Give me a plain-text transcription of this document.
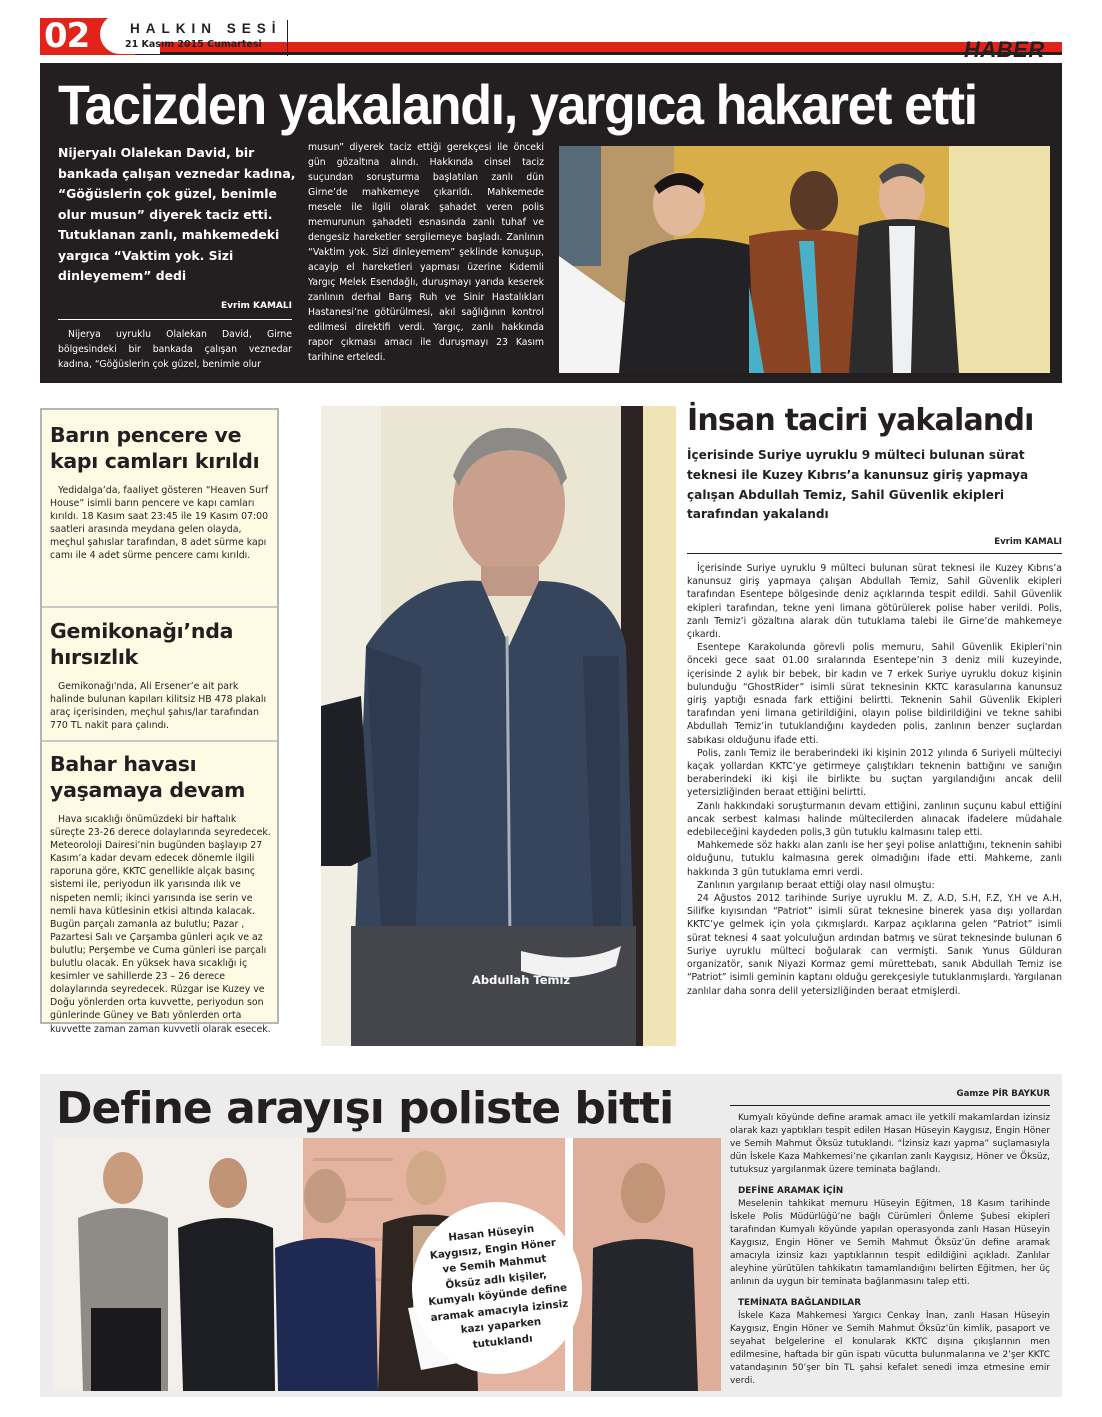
02	HALKIN SESİ
21 Kasım 2015 Cumartesi	HABER
Tacizden yakalandı, yargıca hakaret etti

Nijeryalı Olalekan David, bir bankada çalışan veznedar kadına, “Göğüslerin çok güzel, benimle olur musun” diyerek taciz etti. Tutuklanan zanlı, mahkemedeki yargıca “Vaktim yok. Sizi dinleyemem” dedi

Evrim KAMALI

Nijerya uyruklu Olalekan David, Girne bölgesindeki bir bankada çalışan veznedar kadına, “Göğüslerin çok güzel, benimle olur

musun” diyerek taciz ettiği gerekçesi ile önceki gün gözaltına alındı. Hakkında cinsel taciz suçundan soruşturma başlatılan zanlı dün Girne’de mahkemeye çıkarıldı. Mahkemede mesele ile ilgili olarak şahadet veren polis memurunun şahadeti esnasında zanlı tuhaf ve dengesiz hareketler sergilemeye başladı. Zanlının “Vaktim yok. Sizi dinleyemem” şeklinde konuşup, acayip el hareketleri yapması üzerine Kıdemli Yargıç Melek Esendağlı, duruşmayı yarıda keserek zanlının derhal Barış Ruh ve Sinir Hastalıkları Hastanesi’ne götürülmesi, akıl sağlığının kontrol edilmesi direktifi verdi. Yargıç, zanlı hakkında rapor çıkması amacı ile duruşmayı 23 Kasım tarihine erteledi.

Barın pencere ve kapı camları kırıldı

Yedidalga’da, faaliyet gösteren “Heaven Surf House” isimli barın pencere ve kapı camları kırıldı. 18 Kasım saat 23:45 ile 19 Kasım 07:00 saatleri arasında meydana gelen olayda, meçhul şahıslar tarafından, 8 adet sürme kapı camı ile 4 adet sürme pencere camı kırıldı.

Gemikonağı’nda hırsızlık

Gemikonağı'nda, Ali Ersener’e ait park halinde bulunan kapıları kilitsiz HB 478 plakalı araç içerisinden, meçhul şahıs/lar tarafından 770 TL nakit para çalındı.

Bahar havası yaşamaya devam

Hava sıcaklığı önümüzdeki bir haftalık süreçte 23-26 derece dolaylarında seyredecek. Meteoroloji Dairesi’nin bugünden başlayıp 27 Kasım’a kadar devam edecek dönemle ilgili raporuna göre, KKTC genellikle alçak basınç sistemi ile, periyodun ilk yarısında ılık ve nispeten nemli; ikinci yarısında ise serin ve nemli hava kütlesinin etkisi altında kalacak. Bugün parçalı zamanla az bulutlu; Pazar , Pazartesi Salı ve Çarşamba günleri açık ve az bulutlu; Perşembe ve Cuma günleri ise parçalı bulutlu olacak. En yüksek hava sıcaklığı iç kesimler ve sahillerde 23 – 26 derece dolaylarında seyredecek. Rüzgar ise Kuzey ve Doğu yönlerden orta kuvvette, periyodun son günlerinde Güney ve Batı yönlerden orta kuvvette zaman zaman kuvvetli olarak esecek.

Abdullah Temiz
İnsan taciri yakalandı

İçerisinde Suriye uyruklu 9 mülteci bulunan sürat teknesi ile Kuzey Kıbrıs’a kanunsuz giriş yapmaya çalışan Abdullah Temiz, Sahil Güvenlik ekipleri tarafından yakalandı

Evrim KAMALI

İçerisinde Suriye uyruklu 9 mülteci bulunan sürat teknesi ile Kuzey Kıbrıs’a kanunsuz giriş yapmaya çalışan Abdullah Temiz, Sahil Güvenlik ekipleri tarafından Esentepe bölgesinde deniz açıklarında tespit edildi. Sahil Güvenlik ekipleri tarafından, tekne yeni limana götürülerek polise haber verildi. Polis, zanlı Temiz’i gözaltına alarak dün tutuklama talebi ile Girne’de mahkemeye çıkardı.

Esentepe Karakolunda görevli polis memuru, Sahil Güvenlik Ekipleri’nin önceki gece saat 01.00 sıralarında Esentepe’nin 3 deniz mili kuzeyinde, içerisinde 2 aylık bir bebek, bir kadın ve 7 erkek Suriye uyruklu dokuz kişinin bulunduğu “GhostRider” isimli sürat teknesinin KKTC karasularına kanunsuz giriş yaptığı esnada fark ettiğini belirtti. Teknenin Sahil Güvenlik Ekipleri tarafından yeni limana getirildiğini, olayın polise bildirildiğini ve tekne sahibi Abdullah Temiz’in tutuklandığını kaydeden polis, zanlının benzer suçlardan sabıkası olduğunu ifade etti.

Polis, zanlı Temiz ile beraberindeki iki kişinin 2012 yılında 6 Suriyeli mülteciyi kaçak yollardan KKTC’ye getirmeye çalıştıkları teknenin battığını ve sanığın beraberindeki iki kişi ile birlikte bu suçtan yargılandığını ancak delil yetersizliğinden beraat ettiğini belirtti.

Zanlı hakkındaki soruşturmanın devam ettiğini, zanlının suçunu kabul ettiğini ancak serbest kalması halinde mültecilerden alınacak ifadelere müdahale edebileceğini kaydeden polis,3 gün tutuklu kalmasını talep etti.

Mahkemede söz hakkı alan zanlı ise her şeyi polise anlattığını, teknenin sahibi olduğunu, tutuklu kalmasına gerek olmadığını ifade etti. Mahkeme, zanlı hakkında 3 gün tutuklama emri verdi.

Zanlının yargılanıp beraat ettiği olay nasıl olmuştu:

24 Ağustos 2012 tarihinde Suriye uyruklu M. Z, A.D, S.H, F.Z, Y.H ve A.H, Silifke kıyısından “Patriot” isimli sürat teknesine binerek yasa dışı yollardan KKTC’ye gelmek için yola çıkmışlardı. Karpaz açıklarına gelen “Patriot” isimli sürat teknesi 4 saat yolculuğun ardından batmış ve sürat teknesinde bulunan 6 Suriye uyruklu mülteci boğularak can vermişti. Sanık Yunus Gülduran organizatör, sanık Niyazi Kormaz gemi mürettebatı, sanık Abdullah Temiz ise “Patriot” isimli geminin kaptanı olduğu gerekçesiyle tutuklanmışlardı. Yargılanan zanlılar daha sonra delil yetersizliğinden beraat etmişlerdi.

Define arayışı poliste bitti
Hasan Hüseyin Kaygısız, Engin Höner ve Semih Mahmut Öksüz adlı kişiler, Kumyalı köyünde define aramak amacıyla izinsiz kazı yaparken tutuklandı
Gamze PİR BAYKUR

Kumyalı köyünde define aramak amacı ile yetkili makamlardan izinsiz olarak kazı yaptıkları tespit edilen Hasan Hüseyin Kaygısız, Engin Höner ve Semih Mahmut Öksüz tutuklandı. “İzinsiz kazı yapma” suçlamasıyla dün İskele Kaza Mahkemesi’ne çıkarılan zanlı Kaygısız, Höner ve Öksüz, tutuksuz yargılanmak üzere teminata bağlandı.

DEFİNE ARAMAK İÇİN

Meselenin tahkikat memuru Hüseyin Eğitmen, 18 Kasım tarihinde İskele Polis Müdürlüğü’ne bağlı Cürümleri Önleme Şubesi ekipleri tarafından Kumyalı köyünde yapılan operasyonda zanlı Hasan Hüseyin Kaygısız, Engin Höner ve Semih Mahmut Öksüz’ün define aramak amacıyla izinsiz kazı yaptıklarının tespit edildiğini açıkladı. Zanlılar aleyhine yürütülen tahkikatın tamamlandığını belirten Eğitmen, her üç anlının da uygun bir teminata bağlanmasını talep etti.

TEMİNATA BAĞLANDILAR

İskele Kaza Mahkemesi Yargıcı Cenkay İnan, zanlı Hasan Hüseyin Kaygısız, Engin Höner ve Semih Mahmut Öksüz’ün kimlik, pasaport ve seyahat belgelerine el konularak KKTC dışına çıkışlarının men edilmesine, haftada bir gün ispatı vücutta bulunmalarına ve 2’şer KKTC vatandaşının 50’şer bin TL şahsi kefalet senedi imza etmesine emir verdi.
